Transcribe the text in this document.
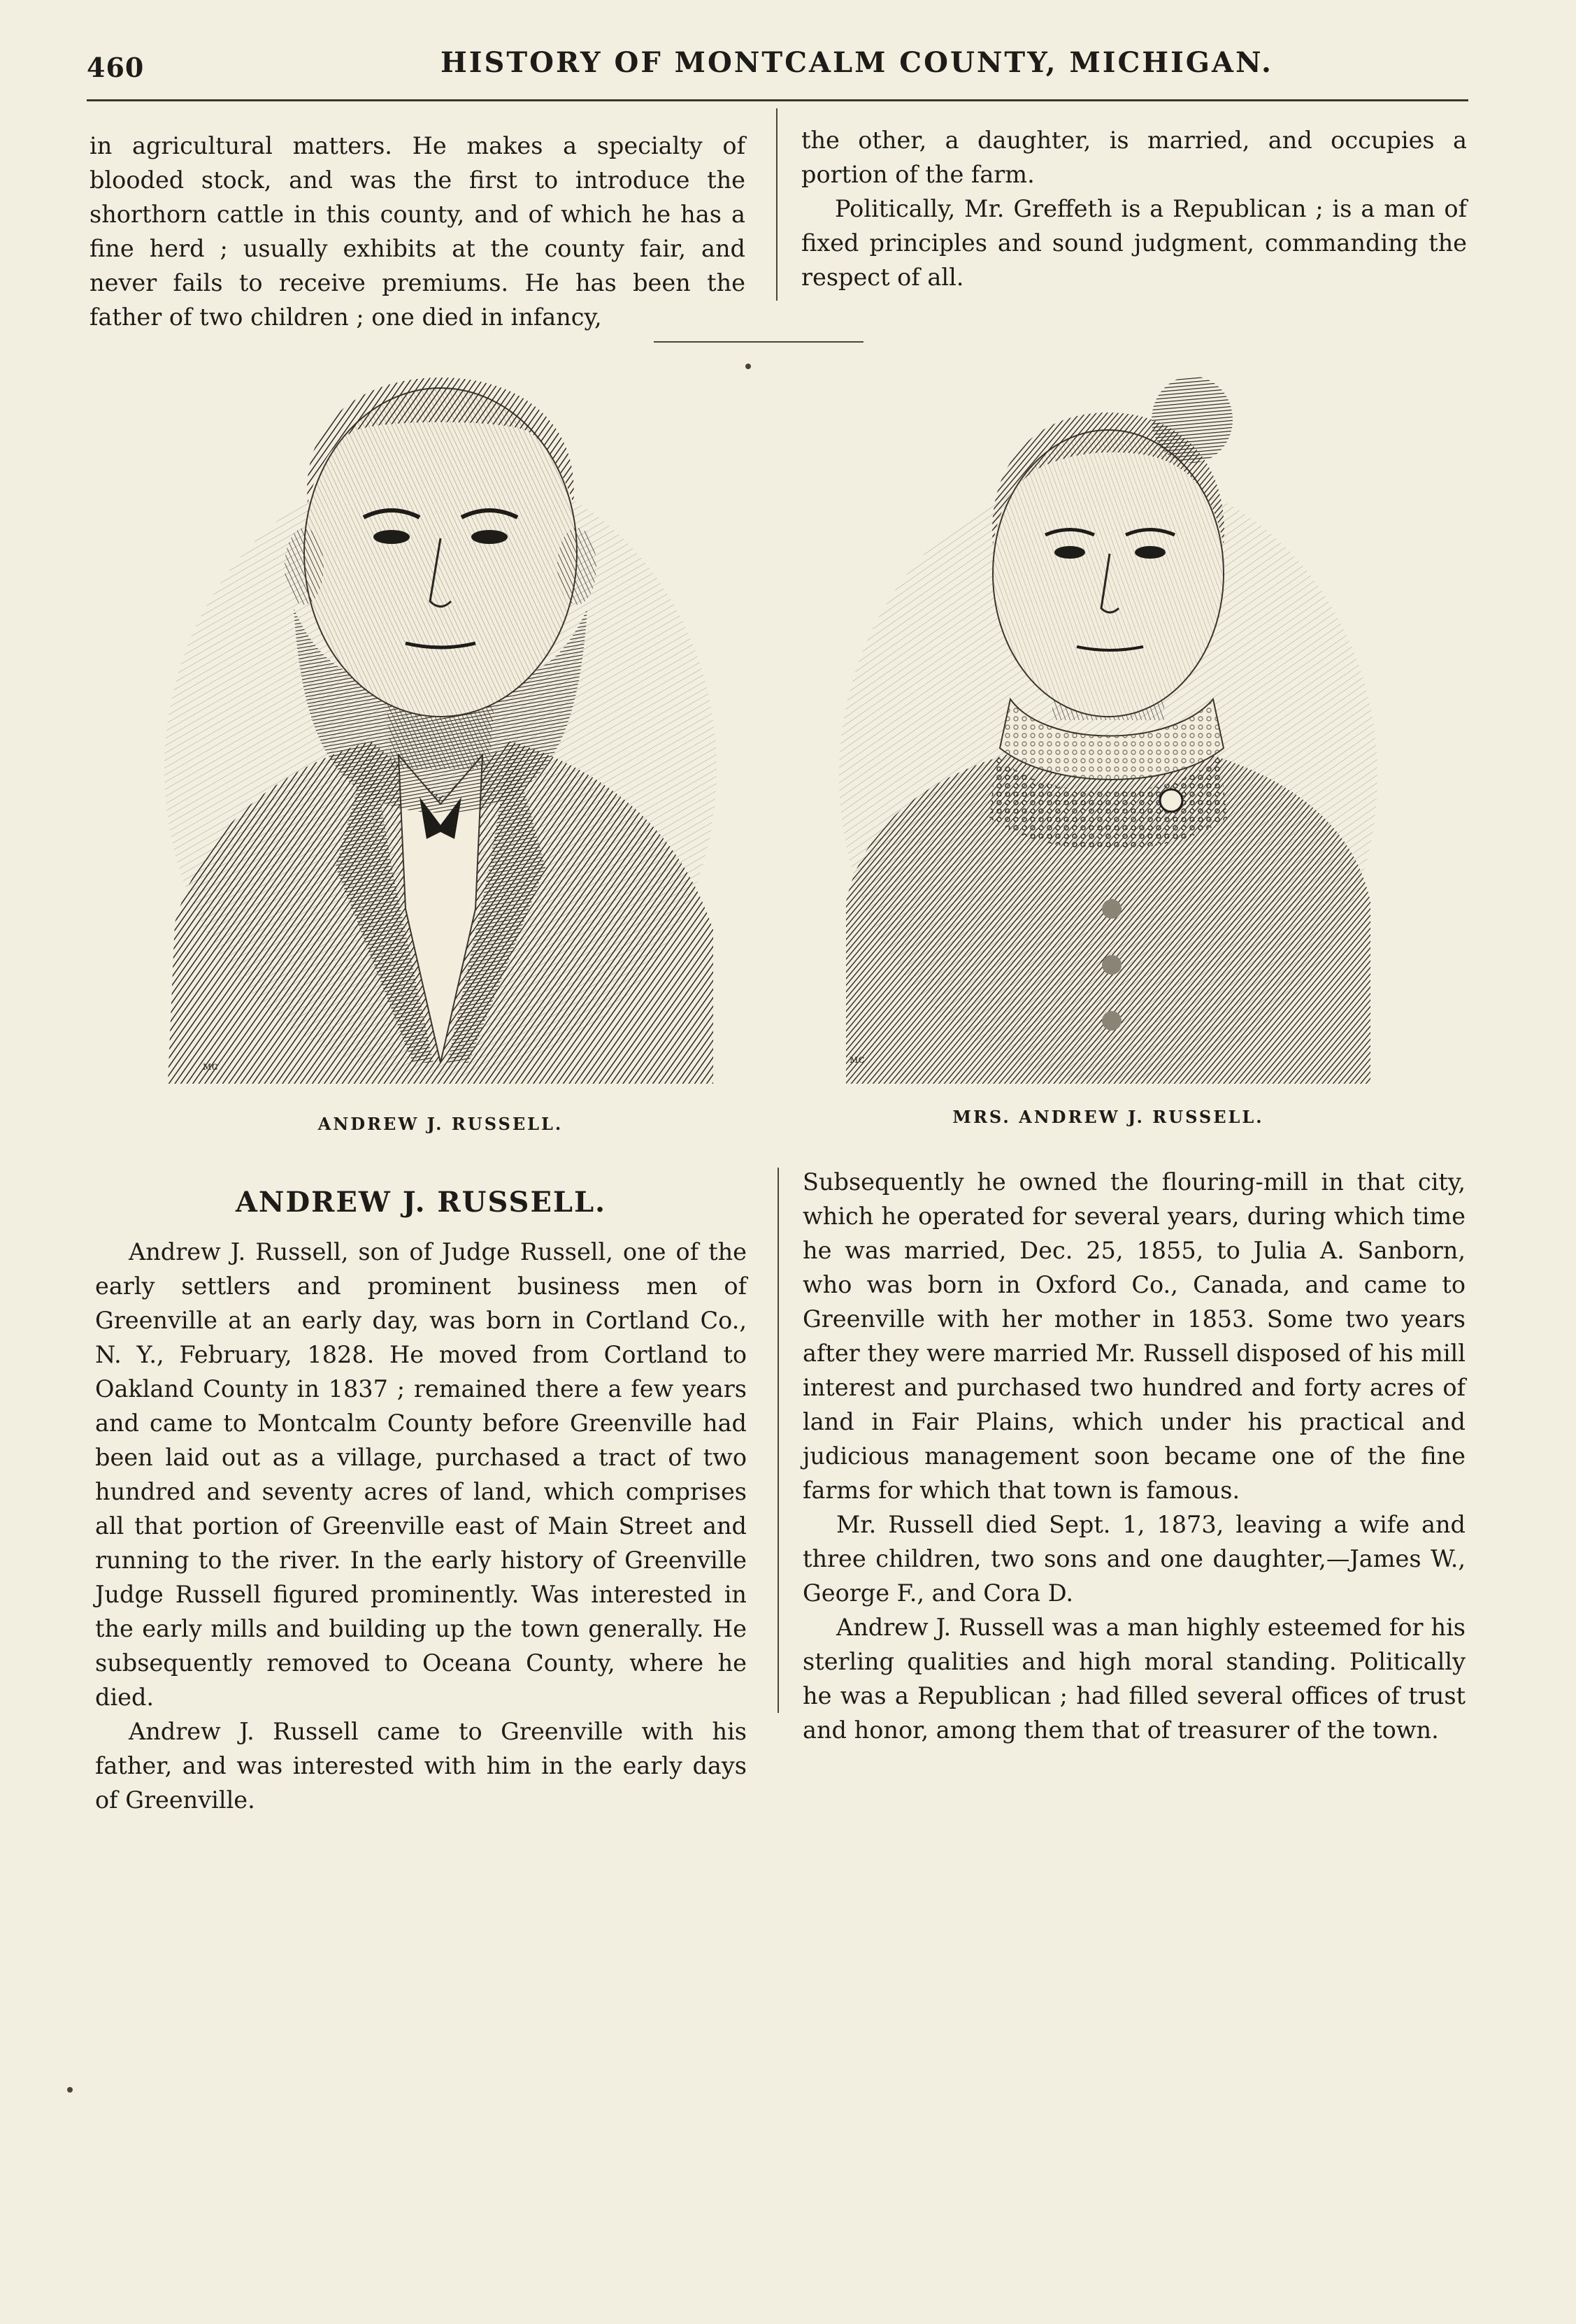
460	HISTORY OF MONTCALM COUNTY, MICHIGAN.

in agricultural matters. He makes a specialty of blooded stock, and was the first to introduce the shorthorn cattle in this county, and of which he has a fine herd ; usually exhibits at the county fair, and never fails to receive premiums. He has been the father of two children ; one died in infancy,

the other, a daughter, is married, and occupies a portion of the farm.

Politically, Mr. Greffeth is a Republican ; is a man of fixed principles and sound judgment, commanding the respect of all.

ᴍᴄ
ᴍᴄ
ANDREW J. RUSSELL.	MRS. ANDREW J. RUSSELL.
ANDREW J. RUSSELL.

Andrew J. Russell, son of Judge Russell, one of the early settlers and prominent business men of Greenville at an early day, was born in Cortland Co., N. Y., February, 1828. He moved from Cortland to Oakland County in 1837 ; remained there a few years and came to Montcalm County before Greenville had been laid out as a village, purchased a tract of two hundred and seventy acres of land, which comprises all that portion of Greenville east of Main Street and running to the river. In the early history of Greenville Judge Russell figured prominently. Was interested in the early mills and building up the town generally. He subsequently removed to Oceana County, where he died.

Andrew J. Russell came to Greenville with his father, and was interested with him in the early days of Greenville.

Subsequently he owned the flouring-mill in that city, which he operated for several years, during which time he was married, Dec. 25, 1855, to Julia A. Sanborn, who was born in Oxford Co., Canada, and came to Greenville with her mother in 1853. Some two years after they were married Mr. Russell disposed of his mill interest and purchased two hundred and forty acres of land in Fair Plains, which under his practical and judicious management soon became one of the fine farms for which that town is famous.

Mr. Russell died Sept. 1, 1873, leaving a wife and three children, two sons and one daughter,—James W., George F., and Cora D.

Andrew J. Russell was a man highly esteemed for his sterling qualities and high moral standing. Politically he was a Republican ; had filled several offices of trust and honor, among them that of treasurer of the town.
